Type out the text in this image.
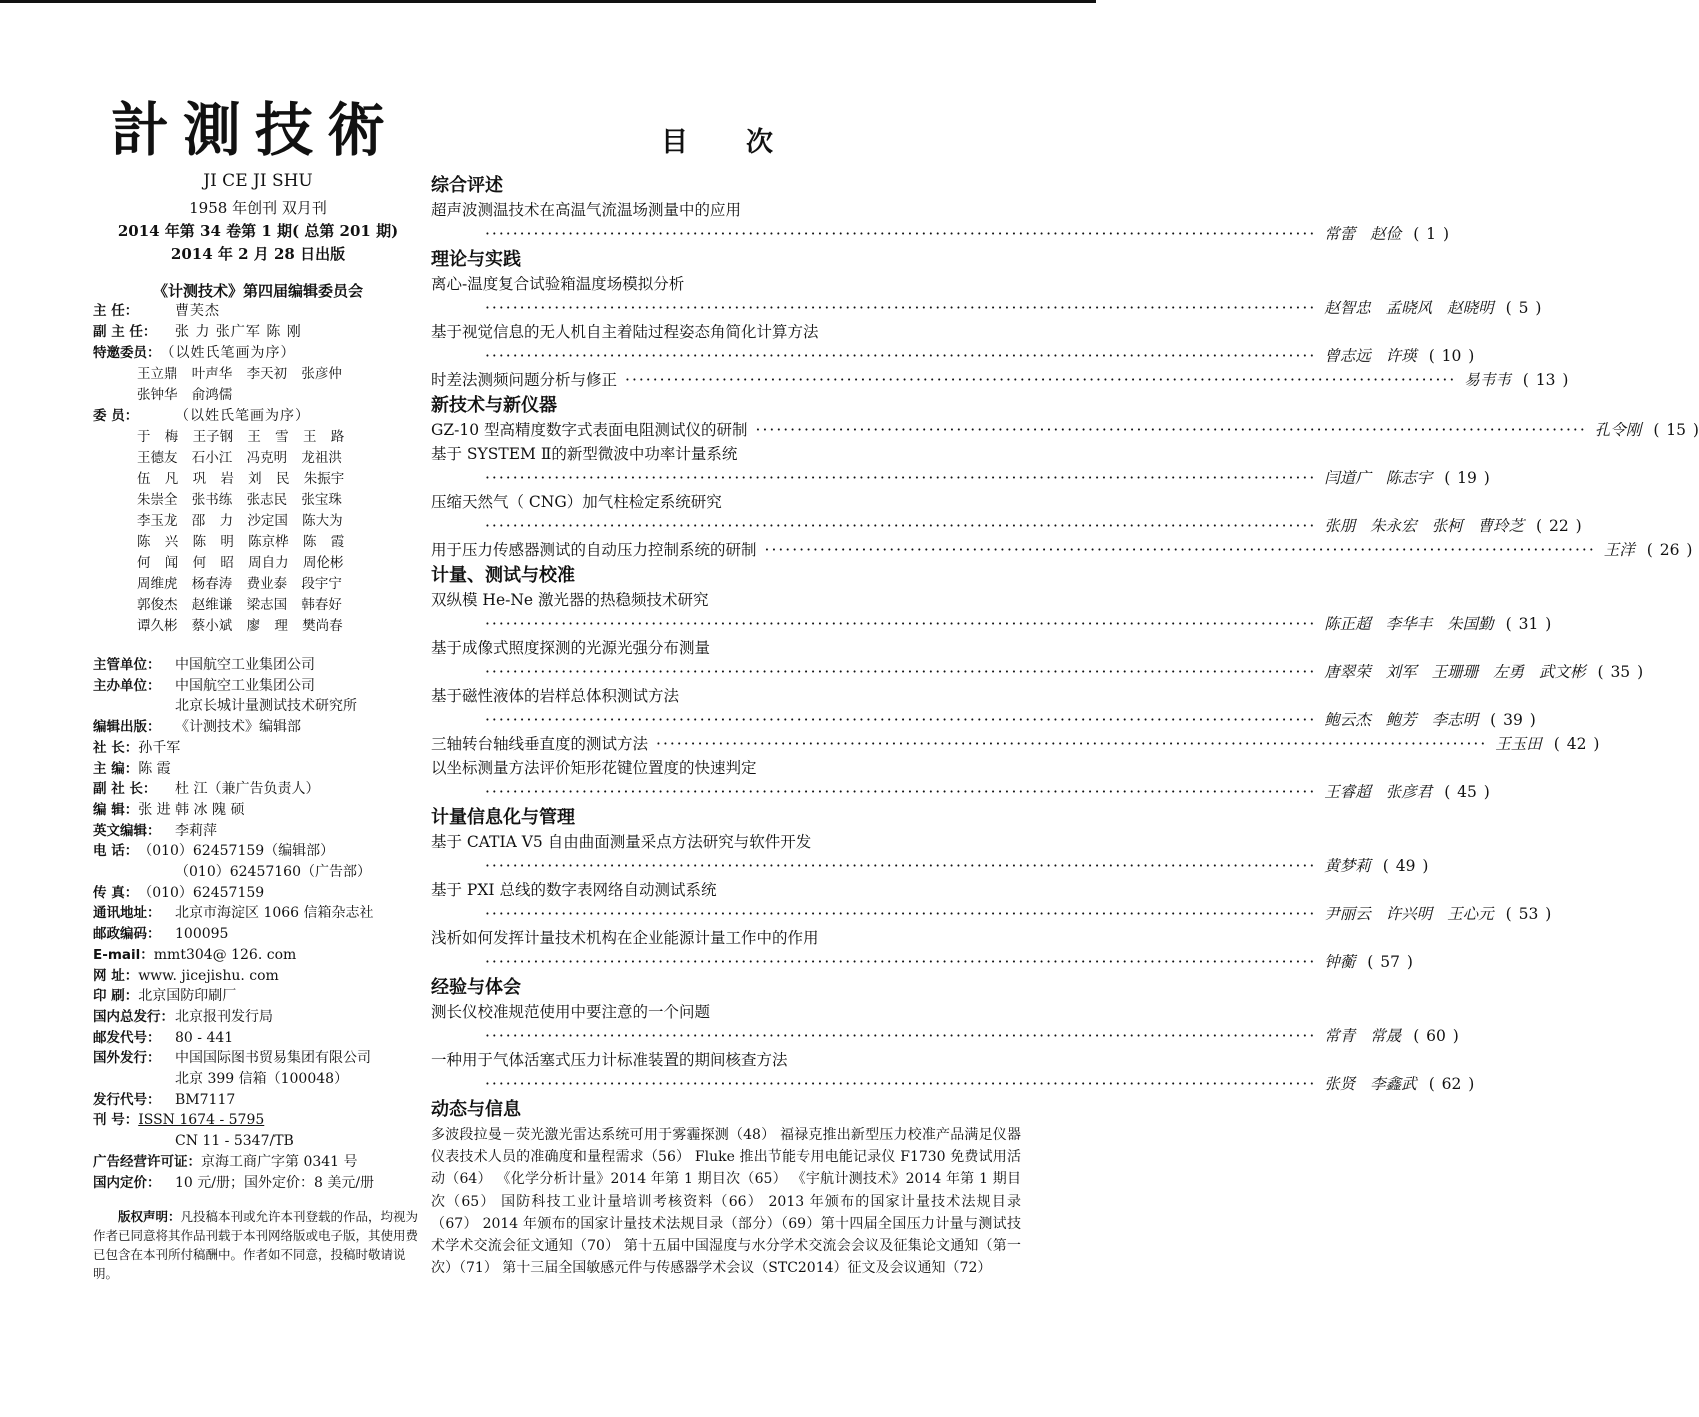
計測技術
JI CE JI SHU
1958 年创刊 双月刊
2014 年第 34 卷第 1 期( 总第 201 期)
2014 年 2 月 28 日出版
《计测技术》第四届编辑委员会
主 任：	曹芙杰
副 主 任：	张 力 张广军 陈 刚
特邀委员： （以姓氏笔画为序）
王立鼎 叶声华 李天初 张彦仲
张钟华 俞鸿儒
委 员：	（以姓氏笔画为序）
于 梅 王子钢 王 雪 王 路
王德友 石小江 冯克明 龙祖洪
伍 凡 巩 岩 刘 民 朱振宇
朱崇全 张书练 张志民 张宝珠
李玉龙 邵 力 沙定国 陈大为
陈 兴 陈 明 陈京桦 陈 霞
何 闻 何 昭 周自力 周伦彬
周维虎 杨春涛 费业泰 段宇宁
郭俊杰 赵维谦 梁志国 韩春好
谭久彬 蔡小斌 廖 理 樊尚春
主管单位：	中国航空工业集团公司
主办单位：	中国航空工业集团公司
北京长城计量测试技术研究所
编辑出版：	《计测技术》编辑部
社 长： 孙千军
主 编： 陈 霞
副 社 长：	杜 江（兼广告负责人）
编 辑： 张 进 韩 冰 隗 硕
英文编辑：	李莉萍
电 话： （010）62457159（编辑部）
（010）62457160（广告部）
传 真： （010）62457159
通讯地址：	北京市海淀区 1066 信箱杂志社
邮政编码：	100095
E-mail： mmt304@ 126. com
网 址： www. jicejishu. com
印 刷： 北京国防印刷厂
国内总发行： 北京报刊发行局
邮发代号：	80 - 441
国外发行：	中国国际图书贸易集团有限公司
北京 399 信箱（100048）
发行代号：	BM7117
刊 号： ISSN 1674 - 5795
CN 11 - 5347/TB
广告经营许可证： 京海工商广字第 0341 号
国内定价：	10 元/册；国外定价：8 美元/册
版权声明：凡投稿本刊或允许本刊登载的作品，均视为作者已同意将其作品刊载于本刊网络版或电子版，其使用费已包含在本刊所付稿酬中。作者如不同意，投稿时敬请说明。
目次
综合评述
超声波测温技术在高温气流温场测量中的应用
························································································································ 常蕾 赵俭 ( 1 )
理论与实践
离心-温度复合试验箱温度场模拟分析
························································································································ 赵智忠 孟晓风 赵晓明 ( 5 )
基于视觉信息的无人机自主着陆过程姿态角简化计算方法
························································································································ 曾志远 许瑛 ( 10 )
时差法测频问题分析与修正 ························································································································ 易韦韦 ( 13 )
新技术与新仪器
GZ-10 型高精度数字式表面电阻测试仪的研制 ························································································································ 孔令刚 ( 15 )
基于 SYSTEM Ⅱ的新型微波中功率计量系统
························································································································ 闫道广 陈志宇 ( 19 )
压缩天然气（ CNG）加气柱检定系统研究
························································································································ 张朋 朱永宏 张柯 曹玲芝 ( 22 )
用于压力传感器测试的自动压力控制系统的研制 ························································································································ 王洋 ( 26 )
计量、测试与校准
双纵模 He-Ne 激光器的热稳频技术研究
························································································································ 陈正超 李华丰 朱国勤 ( 31 )
基于成像式照度探测的光源光强分布测量
························································································································ 唐翠荣 刘军 王珊珊 左勇 武文彬 ( 35 )
基于磁性液体的岩样总体积测试方法
························································································································ 鲍云杰 鲍芳 李志明 ( 39 )
三轴转台轴线垂直度的测试方法 ························································································································ 王玉田 ( 42 )
以坐标测量方法评价矩形花键位置度的快速判定
························································································································ 王睿超 张彦君 ( 45 )
计量信息化与管理
基于 CATIA V5 自由曲面测量采点方法研究与软件开发
························································································································ 黄梦莉 ( 49 )
基于 PXI 总线的数字表网络自动测试系统
························································································································ 尹丽云 许兴明 王心元 ( 53 )
浅析如何发挥计量技术机构在企业能源计量工作中的作用
························································································································ 钟蘅 ( 57 )
经验与体会
测长仪校准规范使用中要注意的一个问题
························································································································ 常青 常晟 ( 60 )
一种用于气体活塞式压力计标准装置的期间核查方法
························································································································ 张贤 李鑫武 ( 62 )
动态与信息
多波段拉曼－荧光激光雷达系统可用于雾霾探测（48） 福禄克推出新型压力校准产品满足仪器仪表技术人员的准确度和量程需求（56） Fluke 推出节能专用电能记录仪 F1730 免费试用活动（64） 《化学分析计量》2014 年第 1 期目次（65） 《宇航计测技术》2014 年第 1 期目次（65） 国防科技工业计量培训考核资料（66） 2013 年颁布的国家计量技术法规目录（67） 2014 年颁布的国家计量技术法规目录（部分）（69）第十四届全国压力计量与测试技术学术交流会征文通知（70） 第十五届中国湿度与水分学术交流会会议及征集论文通知（第一次）（71） 第十三届全国敏感元件与传感器学术会议（STC2014）征文及会议通知（72）
